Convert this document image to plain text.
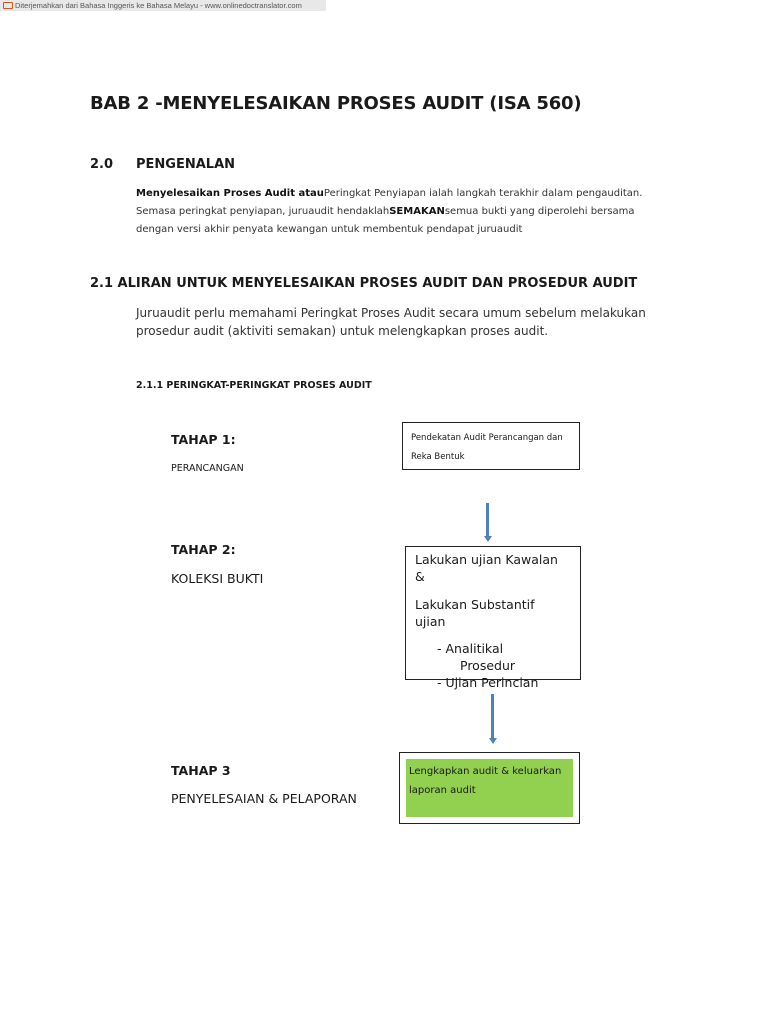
Diterjemahkan dari Bahasa Inggeris ke Bahasa Melayu - www.onlinedoctranslator.com
BAB 2 -MENYELESAIKAN PROSES AUDIT (ISA 560)
2.0 PENGENALAN
Menyelesaikan Proses Audit atauPeringkat Penyiapan ialah langkah terakhir dalam pengauditan. Semasa peringkat penyiapan, juruaudit hendaklahSEMAKANsemua bukti yang diperolehi bersama dengan versi akhir penyata kewangan untuk membentuk pendapat juruaudit
2.1 ALIRAN UNTUK MENYELESAIKAN PROSES AUDIT DAN PROSEDUR AUDIT
Juruaudit perlu memahami Peringkat Proses Audit secara umum sebelum melakukan prosedur audit (aktiviti semakan) untuk melengkapkan proses audit.
2.1.1 PERINGKAT-PERINGKAT PROSES AUDIT
TAHAP 1:
PERANCANGAN
Pendekatan Audit Perancangan dan Reka Bentuk
TAHAP 2:
KOLEKSI BUKTI
Lakukan ujian Kawalan &
Lakukan Substantif ujian
- Analitikal
Prosedur
- Ujian Perincian
TAHAP 3
PENYELESAIAN & PELAPORAN
Lengkapkan audit & keluarkan laporan audit
